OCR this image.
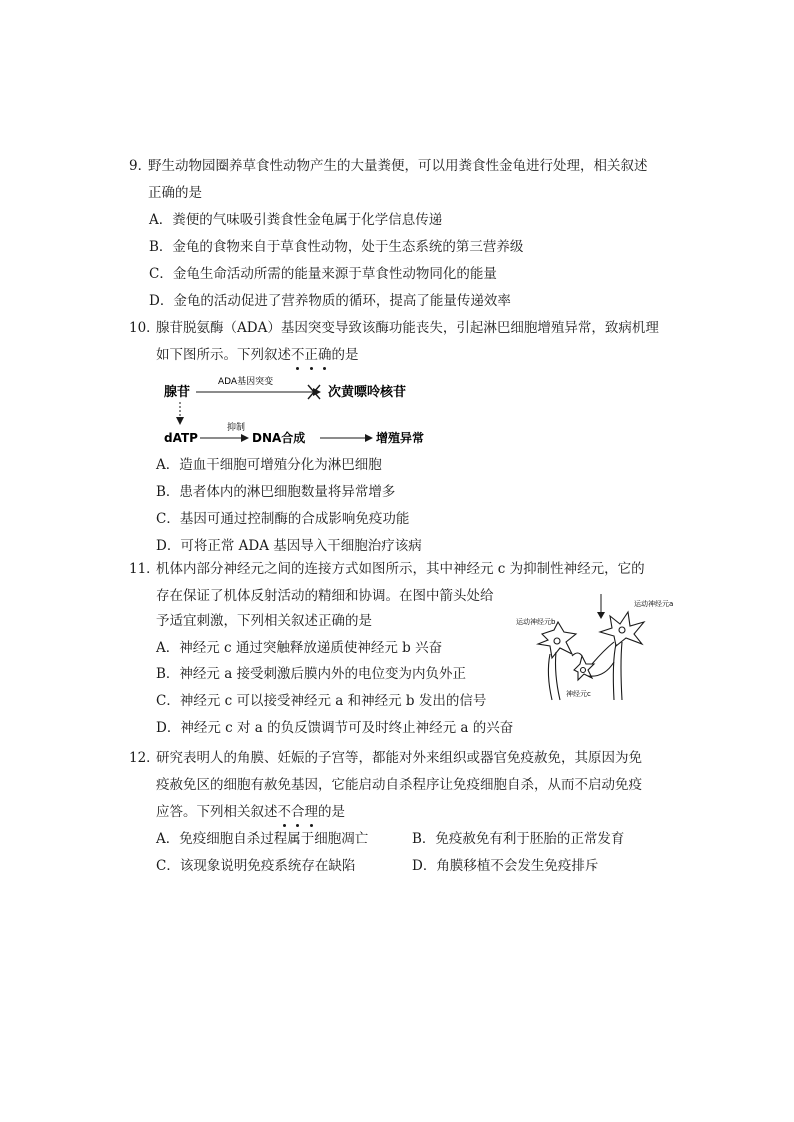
9．
野生动物园圈养草食性动物产生的大量粪便，可以用粪食性金龟进行处理，相关叙述
正确的是
A．粪便的气味吸引粪食性金龟属于化学信息传递
B．金龟的食物来自于草食性动物，处于生态系统的第三营养级
C．金龟生命活动所需的能量来源于草食性动物同化的能量
D．金龟的活动促进了营养物质的循环，提高了能量传递效率
10．
腺苷脱氨酶（ADA）基因突变导致该酶功能丧失，引起淋巴细胞增殖异常，致病机理
如下图所示。下列叙述不正确的是
腺苷
ADA基因突变
次黄嘌呤核苷
dATP
抑制
DNA合成	增殖异常
A．造血干细胞可增殖分化为淋巴细胞
B．患者体内的淋巴细胞数量将异常增多
C．基因可通过控制酶的合成影响免疫功能
D．可将正常 ADA 基因导入干细胞治疗该病
11．
机体内部分神经元之间的连接方式如图所示，其中神经元 c 为抑制性神经元，它的
存在保证了机体反射活动的精细和协调。在图中箭头处给
予适宜刺激，下列相关叙述正确的是
A．神经元 c 通过突触释放递质使神经元 b 兴奋
B．神经元 a 接受刺激后膜内外的电位变为内负外正
C．神经元 c 可以接受神经元 a 和神经元 b 发出的信号
D．神经元 c 对 a 的负反馈调节可及时终止神经元 a 的兴奋
运动神经元a
运动神经元b
神经元c
12．
研究表明人的角膜、妊娠的子宫等，都能对外来组织或器官免疫赦免，其原因为免
疫赦免区的细胞有赦免基因，它能启动自杀程序让免疫细胞自杀，从而不启动免疫
应答。下列相关叙述不合理的是
A．免疫细胞自杀过程属于细胞凋亡	B．免疫赦免有利于胚胎的正常发育
C．该现象说明免疫系统存在缺陷	D．角膜移植不会发生免疫排斥
